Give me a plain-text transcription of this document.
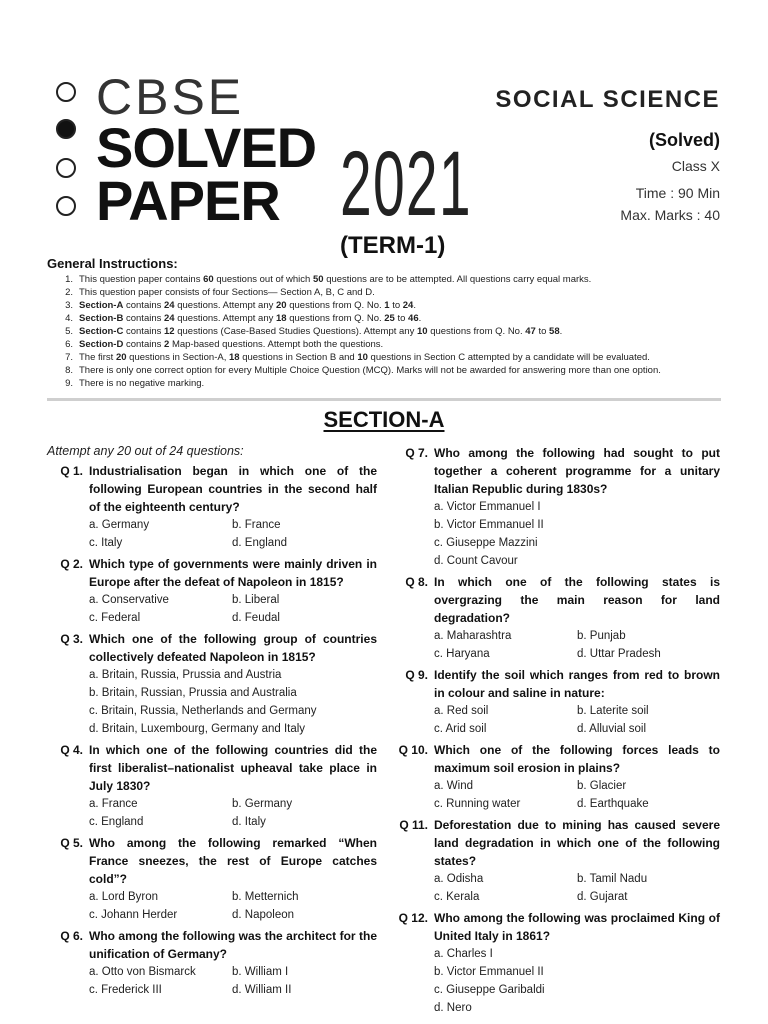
CBSE
SOLVED
PAPER 2021
(TERM-1)
SOCIAL SCIENCE
(Solved)
Class X
Time : 90 Min
Max. Marks : 40
General Instructions:
1. This question paper contains 60 questions out of which 50 questions are to be attempted. All questions carry equal marks.
2. This question paper consists of four Sections— Section A, B, C and D.
3. Section-A contains 24 questions. Attempt any 20 questions from Q. No. 1 to 24.
4. Section-B contains 24 questions. Attempt any 18 questions from Q. No. 25 to 46.
5. Section-C contains 12 questions (Case-Based Studies Questions). Attempt any 10 questions from Q. No. 47 to 58.
6. Section-D contains 2 Map-based questions. Attempt both the questions.
7. The first 20 questions in Section-A, 18 questions in Section B and 10 questions in Section C attempted by a candidate will be evaluated.
8. There is only one correct option for every Multiple Choice Question (MCQ). Marks will not be awarded for answering more than one option.
9. There is no negative marking.
SECTION-A
Attempt any 20 out of 24 questions:
Q 1. Industrialisation began in which one of the following European countries in the second half of the eighteenth century?
a. Germany	b. France
c. Italy	d. England
Q 2. Which type of governments were mainly driven in Europe after the defeat of Napoleon in 1815?
a. Conservative	b. Liberal
c. Federal	d. Feudal
Q 3. Which one of the following group of countries collectively defeated Napoleon in 1815?
a. Britain, Russia, Prussia and Austria
b. Britain, Russian, Prussia and Australia
c. Britain, Russia, Netherlands and Germany
d. Britain, Luxembourg, Germany and Italy
Q 4. In which one of the following countries did the first liberalist–nationalist upheaval take place in July 1830?
a. France	b. Germany
c. England	d. Italy
Q 5. Who among the following remarked “When France sneezes, the rest of Europe catches cold”?
a. Lord Byron	b. Metternich
c. Johann Herder	d. Napoleon
Q 6. Who among the following was the architect for the unification of Germany?
a. Otto von Bismarck	b. William I
c. Frederick III	d. William II
Q 7. Who among the following had sought to put together a coherent programme for a unitary Italian Republic during 1830s?
a. Victor Emmanuel I
b. Victor Emmanuel II
c. Giuseppe Mazzini
d. Count Cavour
Q 8. In which one of the following states is overgrazing the main reason for land degradation?
a. Maharashtra	b. Punjab
c. Haryana	d. Uttar Pradesh
Q 9. Identify the soil which ranges from red to brown in colour and saline in nature:
a. Red soil	b. Laterite soil
c. Arid soil	d. Alluvial soil
Q 10. Which one of the following forces leads to maximum soil erosion in plains?
a. Wind	b. Glacier
c. Running water	d. Earthquake
Q 11. Deforestation due to mining has caused severe land degradation in which one of the following states?
a. Odisha	b. Tamil Nadu
c. Kerala	d. Gujarat
Q 12. Who among the following was proclaimed King of United Italy in 1861?
a. Charles I
b. Victor Emmanuel II
c. Giuseppe Garibaldi
d. Nero
